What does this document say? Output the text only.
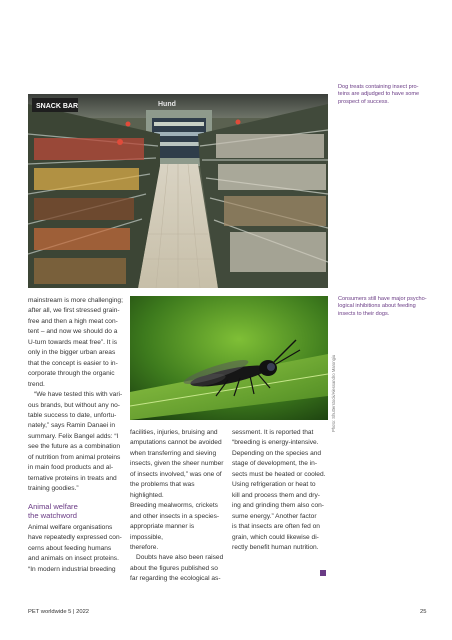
Dog treats containing insect pro-
teins are adjudged to have some
prospect of success.
SNACK BAR	Hund

mainstream is more challenging;

after all, we first stressed grain-

free and then a high meat con-

tent – and now we should do a

U-turn towards meat free”. It is

only in the bigger urban areas

that the concept is easier to in-

corporate through the organic

trend.

“We have tested this with vari-

ous brands, but without any no-

table success to date, unfortu-

nately,” says Ramin Danaei in

summary. Felix Bangel adds: “I

see the future as a combination

of nutrition from animal proteins

in main food products and al-

ternative proteins in treats and

training goodies.”

Animal welfare
the watchword

Animal welfare organisations

have repeatedly expressed con-

cerns about feeding humans

and animals on insect proteins.

“In modern industrial breeding

Photo: Shutterstock/Alessandro Marongiu
Consumers still have major psycho-
logical inhibitions about feeding
insects to their dogs.

facilities, injuries, bruising and

amputations cannot be avoided

when transferring and sieving

insects, given the sheer number

of insects involved,” was one of

the problems that was highlighted.

Breeding mealworms, crickets

and other insects in a species-

appropriate manner is impossible,

therefore.

Doubts have also been raised

about the figures published so

far regarding the ecological as-

sessment. It is reported that

“breeding is energy-intensive.

Depending on the species and

stage of development, the in-

sects must be heated or cooled.

Using refrigeration or heat to

kill and process them and dry-

ing and grinding them also con-

sume energy.” Another factor

is that insects are often fed on

grain, which could likewise di-

rectly benefit human nutrition.

PET worldwide 5 | 2022	25
